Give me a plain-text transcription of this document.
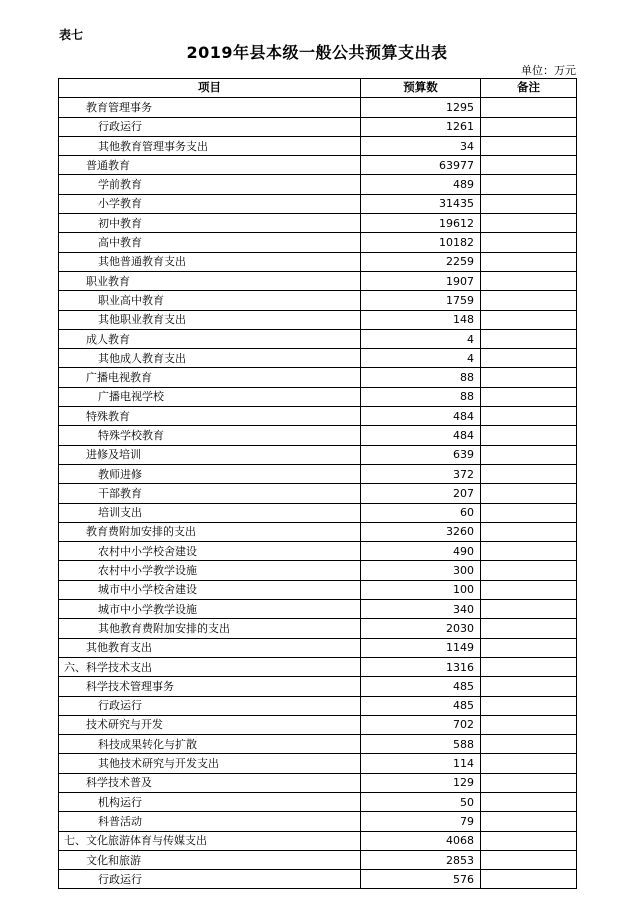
表七
2019年县本级一般公共预算支出表
单位：万元
项目	预算数	备注
教育管理事务	1295	
行政运行	1261	
其他教育管理事务支出	34	
普通教育	63977	
学前教育	489	
小学教育	31435	
初中教育	19612	
高中教育	10182	
其他普通教育支出	2259	
职业教育	1907	
职业高中教育	1759	
其他职业教育支出	148	
成人教育	4	
其他成人教育支出	4	
广播电视教育	88	
广播电视学校	88	
特殊教育	484	
特殊学校教育	484	
进修及培训	639	
教师进修	372	
干部教育	207	
培训支出	60	
教育费附加安排的支出	3260	
农村中小学校舍建设	490	
农村中小学教学设施	300	
城市中小学校舍建设	100	
城市中小学教学设施	340	
其他教育费附加安排的支出	2030	
其他教育支出	1149	
六、科学技术支出	1316	
科学技术管理事务	485	
行政运行	485	
技术研究与开发	702	
科技成果转化与扩散	588	
其他技术研究与开发支出	114	
科学技术普及	129	
机构运行	50	
科普活动	79	
七、文化旅游体育与传媒支出	4068	
文化和旅游	2853	
行政运行	576	
